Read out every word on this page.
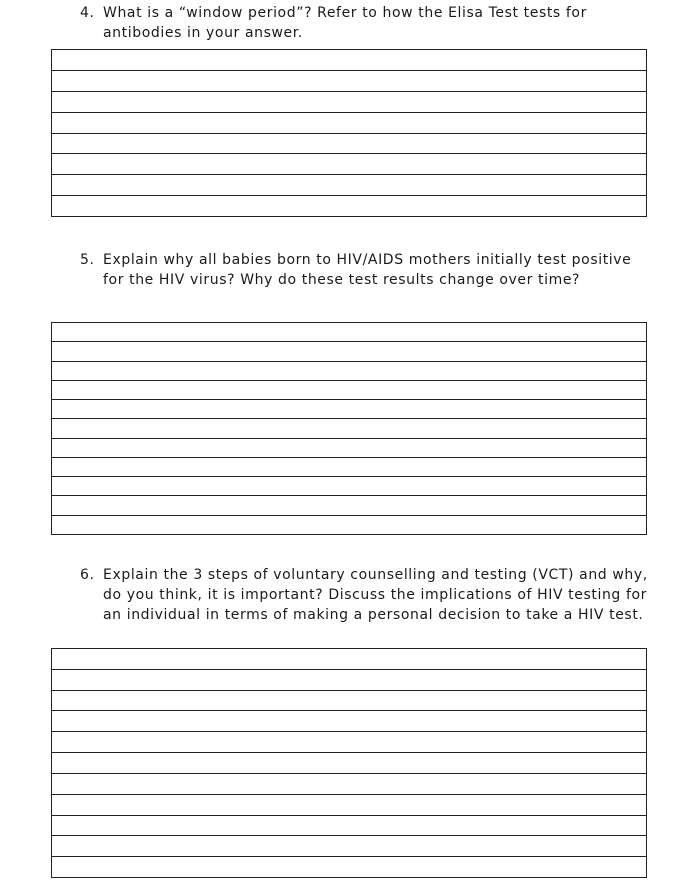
4. What is a “window period”? Refer to how the Elisa Test tests for antibodies in your answer.
5. Explain why all babies born to HIV/AIDS mothers initially test positive for the HIV virus? Why do these test results change over time?
6. Explain the 3 steps of voluntary counselling and testing (VCT) and why, do you think, it is important? Discuss the implications of HIV testing for an individual in terms of making a personal decision to take a HIV test.
